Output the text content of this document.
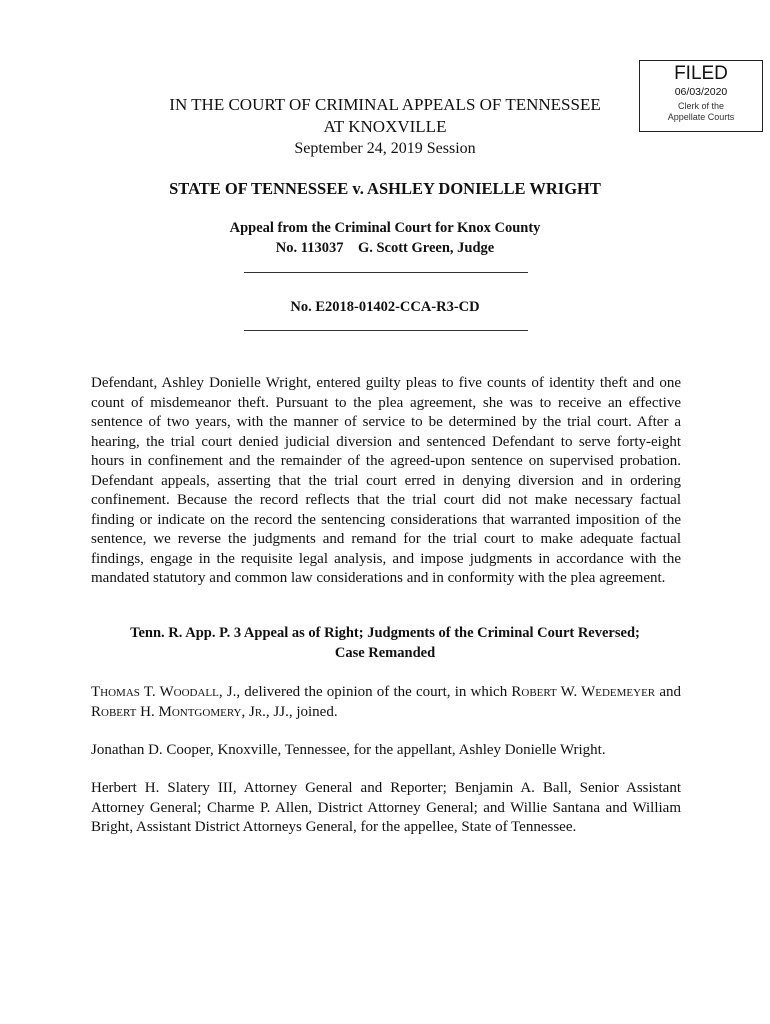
FILED
06/03/2020
Clerk of the
Appellate Courts
IN THE COURT OF CRIMINAL APPEALS OF TENNESSEE
AT KNOXVILLE
September 24, 2019 Session
STATE OF TENNESSEE v. ASHLEY DONIELLE WRIGHT
Appeal from the Criminal Court for Knox County
No. 113037    G. Scott Green, Judge
No. E2018-01402-CCA-R3-CD

Defendant, Ashley Donielle Wright, entered guilty pleas to five counts of identity theft and one count of misdemeanor theft. Pursuant to the plea agreement, she was to receive an effective sentence of two years, with the manner of service to be determined by the trial court. After a hearing, the trial court denied judicial diversion and sentenced Defendant to serve forty-eight hours in confinement and the remainder of the agreed-upon sentence on supervised probation. Defendant appeals, asserting that the trial court erred in denying diversion and in ordering confinement. Because the record reflects that the trial court did not make necessary factual finding or indicate on the record the sentencing considerations that warranted imposition of the sentence, we reverse the judgments and remand for the trial court to make adequate factual findings, engage in the requisite legal analysis, and impose judgments in accordance with the mandated statutory and common law considerations and in conformity with the plea agreement.

Tenn. R. App. P. 3 Appeal as of Right; Judgments of the Criminal Court Reversed;
Case Remanded

Thomas T. Woodall, J., delivered the opinion of the court, in which Robert W. Wedemeyer and Robert H. Montgomery, Jr., JJ., joined.

Jonathan D. Cooper, Knoxville, Tennessee, for the appellant, Ashley Donielle Wright.

Herbert H. Slatery III, Attorney General and Reporter; Benjamin A. Ball, Senior Assistant Attorney General; Charme P. Allen, District Attorney General; and Willie Santana and William Bright, Assistant District Attorneys General, for the appellee, State of Tennessee.
